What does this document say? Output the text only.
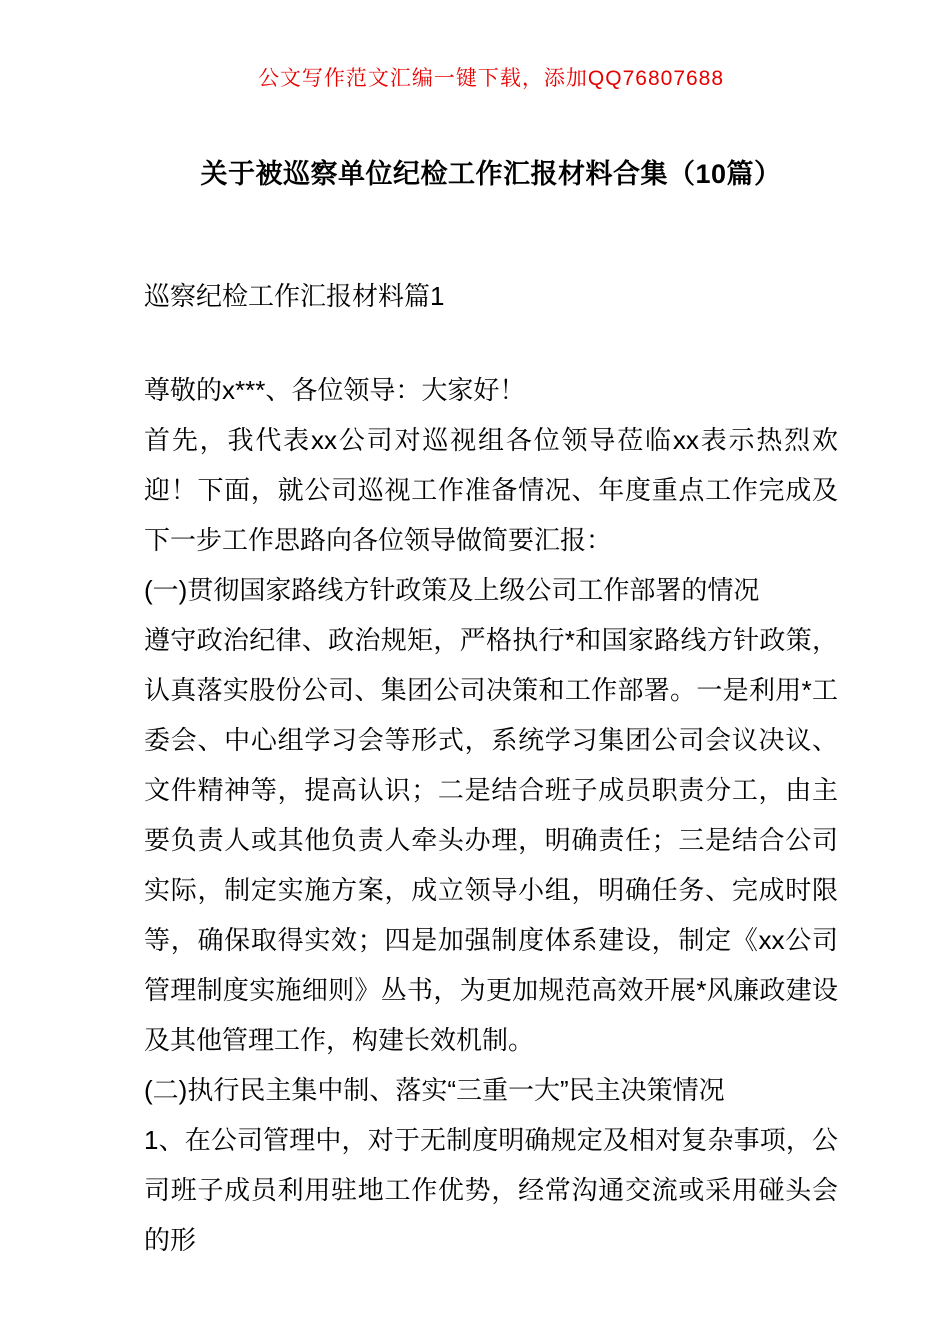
公文写作范文汇编一键下载，添加QQ76807688

关于被巡察单位纪检工作汇报材料合集（10篇）
巡察纪检工作汇报材料篇1

尊敬的x***、各位领导：大家好！

首先，我代表xx公司对巡视组各位领导莅临xx表示热烈欢迎！下面，就公司巡视工作准备情况、年度重点工作完成及下一步工作思路向各位领导做简要汇报：

(一)贯彻国家路线方针政策及上级公司工作部署的情况

遵守政治纪律、政治规矩，严格执行*和国家路线方针政策，认真落实股份公司、集团公司决策和工作部署。一是利用*工委会、中心组学习会等形式，系统学习集团公司会议决议、文件精神等，提高认识；二是结合班子成员职责分工，由主要负责人或其他负责人牵头办理，明确责任；三是结合公司实际，制定实施方案，成立领导小组，明确任务、完成时限等，确保取得实效；四是加强制度体系建设，制定《xx公司管理制度实施细则》丛书，为更加规范高效开展*风廉政建设及其他管理工作，构建长效机制。

(二)执行民主集中制、落实“三重一大”民主决策情况

1、在公司管理中，对于无制度明确规定及相对复杂事项，公司班子成员利用驻地工作优势，经常沟通交流或采用碰头会的形
